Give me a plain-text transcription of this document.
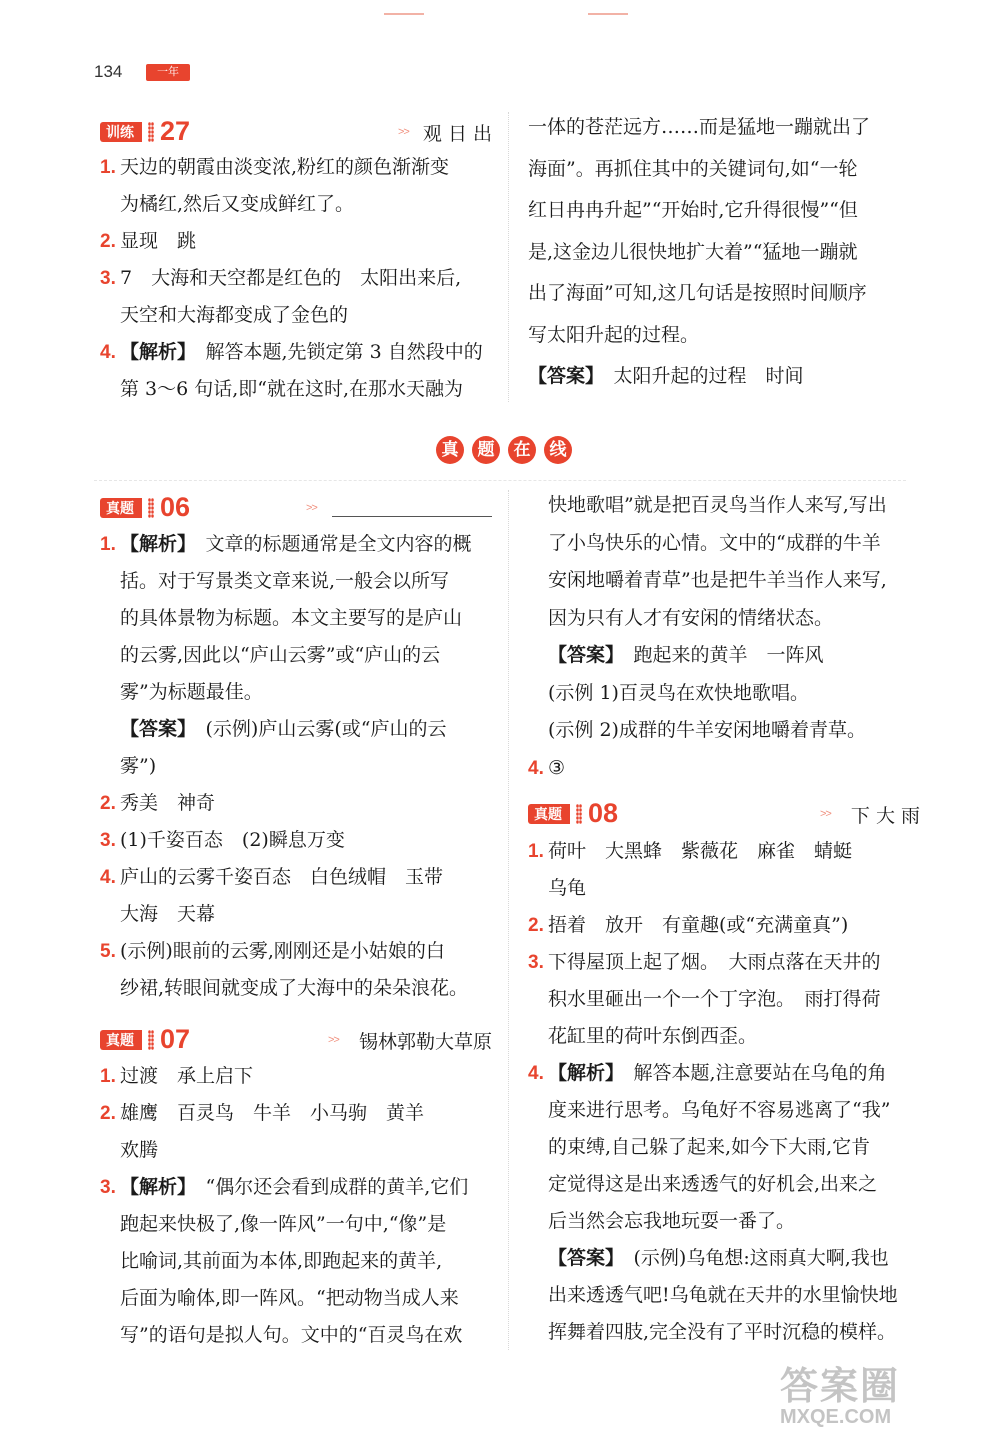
134	一年
真 题 在 线
训练 27	>> 观 日 出
1. 天边的朝霞由淡变浓,粉红的颜色渐渐变
为橘红,然后又变成鲜红了。
2. 显现　跳
3. 7　大海和天空都是红色的　太阳出来后,
天空和大海都变成了金色的
4. 【解析】　解答本题,先锁定第 3 自然段中的
第 3～6 句话,即“就在这时,在那水天融为
一体的苍茫远方……而是猛地一蹦就出了
海面”。再抓住其中的关键词句,如“一轮
红日冉冉升起”“开始时,它升得很慢”“但
是,这金边儿很快地扩大着”“猛地一蹦就
出了海面”可知,这几句话是按照时间顺序
写太阳升起的过程。
【答案】　太阳升起的过程　时间
真题 06	>>
1. 【解析】　文章的标题通常是全文内容的概
括。对于写景类文章来说,一般会以所写
的具体景物为标题。本文主要写的是庐山
的云雾,因此以“庐山云雾”或“庐山的云
雾”为标题最佳。
【答案】　(示例)庐山云雾(或“庐山的云
雾”)
2. 秀美　神奇
3. (1)千姿百态　(2)瞬息万变
4. 庐山的云雾千姿百态　白色绒帽　玉带
大海　天幕
5. (示例)眼前的云雾,刚刚还是小姑娘的白
纱裙,转眼间就变成了大海中的朵朵浪花。
真题 07	>> 锡林郭勒大草原
1. 过渡　承上启下
2. 雄鹰　百灵鸟　牛羊　小马驹　黄羊
欢腾
3. 【解析】　“偶尔还会看到成群的黄羊,它们
跑起来快极了,像一阵风”一句中,“像”是
比喻词,其前面为本体,即跑起来的黄羊,
后面为喻体,即一阵风。“把动物当成人来
写”的语句是拟人句。文中的“百灵鸟在欢
快地歌唱”就是把百灵鸟当作人来写,写出
了小鸟快乐的心情。文中的“成群的牛羊
安闲地嚼着青草”也是把牛羊当作人来写,
因为只有人才有安闲的情绪状态。
【答案】　跑起来的黄羊　一阵风
(示例 1)百灵鸟在欢快地歌唱。
(示例 2)成群的牛羊安闲地嚼着青草。
4. ③
真题 08	>> 下 大 雨
1. 荷叶　大黑蜂　紫薇花　麻雀　蜻蜓
乌龟
2. 捂着　放开　有童趣(或“充满童真”)
3. 下得屋顶上起了烟。　大雨点落在天井的
积水里砸出一个一个丁字泡。　雨打得荷
花缸里的荷叶东倒西歪。
4. 【解析】　解答本题,注意要站在乌龟的角
度来进行思考。乌龟好不容易逃离了“我”
的束缚,自己躲了起来,如今下大雨,它肯
定觉得这是出来透透气的好机会,出来之
后当然会忘我地玩耍一番了。
【答案】　(示例)乌龟想:这雨真大啊,我也
出来透透气吧!乌龟就在天井的水里愉快地
挥舞着四肢,完全没有了平时沉稳的模样。
答案圈
MXQE.COM
